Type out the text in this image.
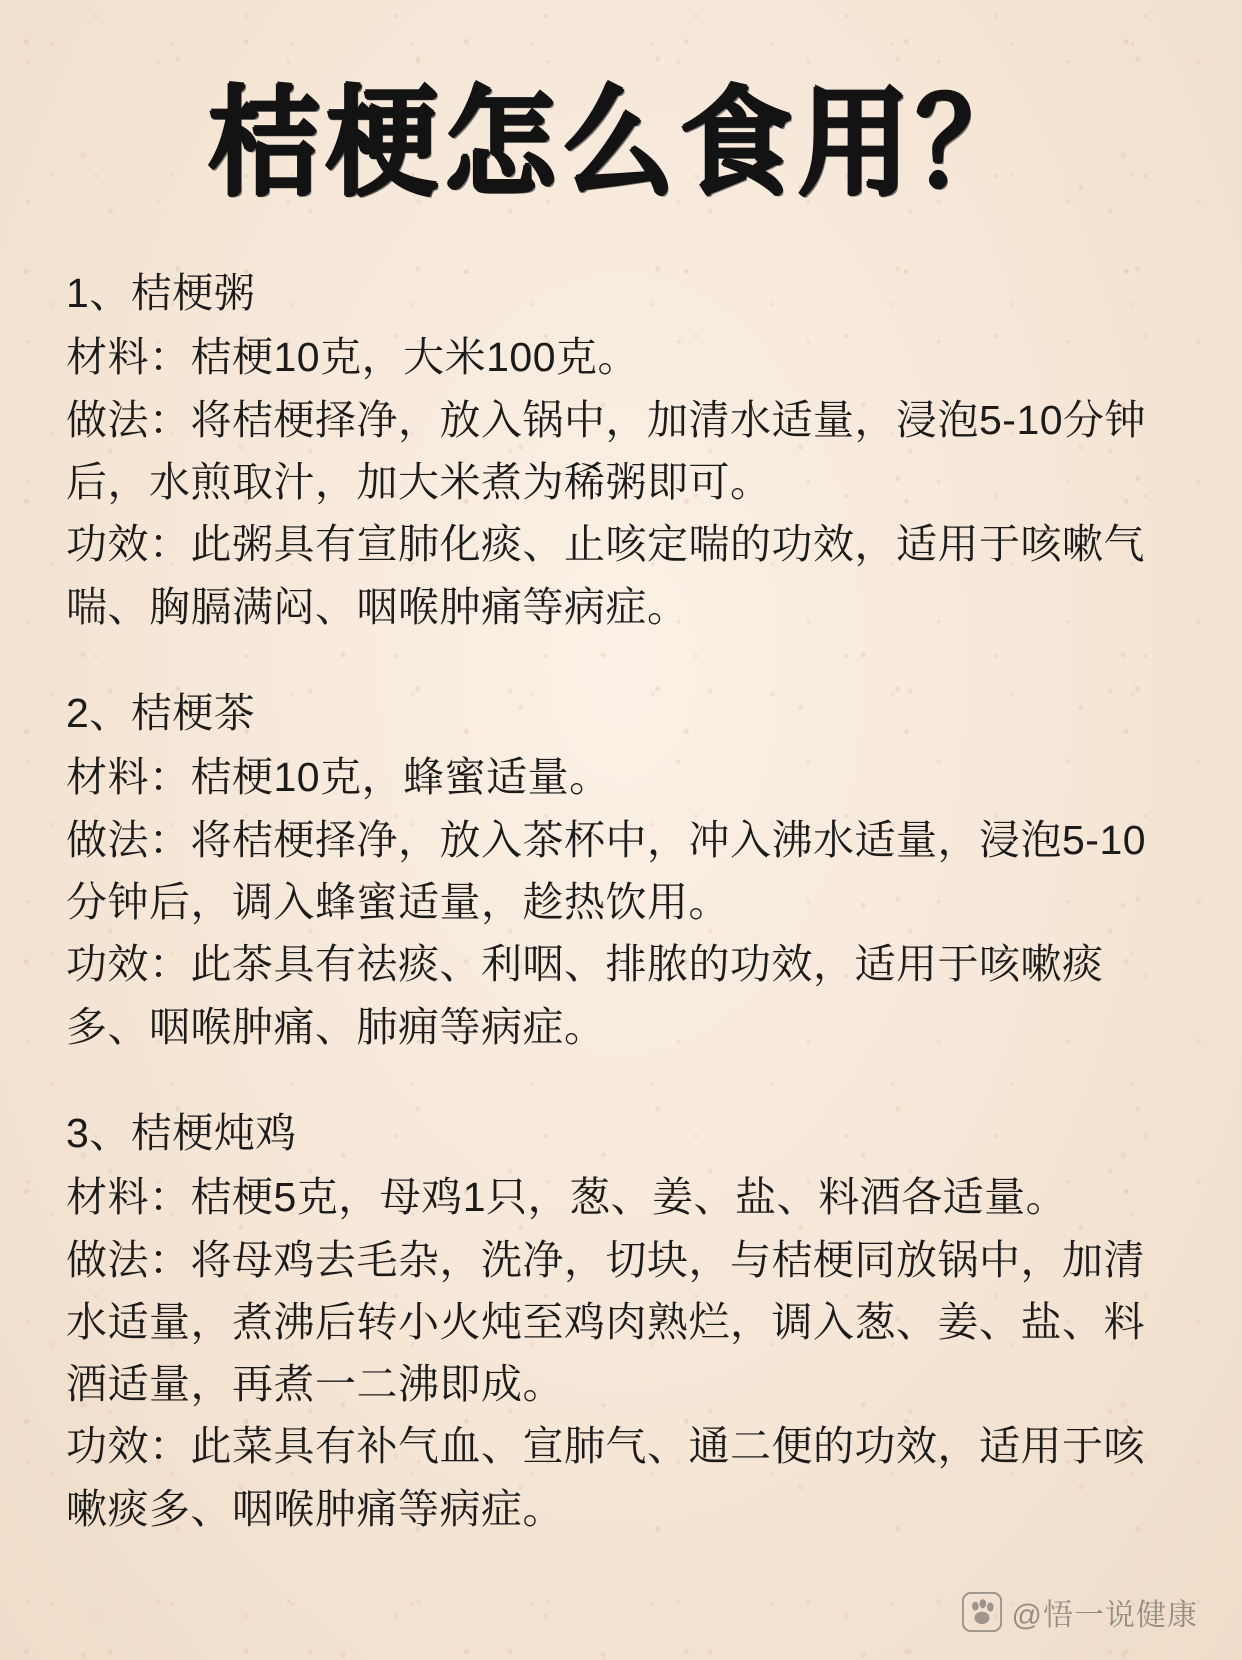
桔梗怎么食用？
1、桔梗粥
材料：桔梗10克，大米100克。
做法：将桔梗择净，放入锅中，加清水适量，浸泡5-10分钟后，水煎取汁，加大米煮为稀粥即可。
功效：此粥具有宣肺化痰、止咳定喘的功效，适用于咳嗽气喘、胸膈满闷、咽喉肿痛等病症。
2、桔梗茶
材料：桔梗10克，蜂蜜适量。
做法：将桔梗择净，放入茶杯中，冲入沸水适量，浸泡5-10分钟后，调入蜂蜜适量，趁热饮用。
功效：此茶具有祛痰、利咽、排脓的功效，适用于咳嗽痰多、咽喉肿痛、肺痈等病症。
3、桔梗炖鸡
材料：桔梗5克，母鸡1只，葱、姜、盐、料酒各适量。
做法：将母鸡去毛杂，洗净，切块，与桔梗同放锅中，加清水适量，煮沸后转小火炖至鸡肉熟烂，调入葱、姜、盐、料酒适量，再煮一二沸即成。
功效：此菜具有补气血、宣肺气、通二便的功效，适用于咳嗽痰多、咽喉肿痛等病症。
@悟一说健康
